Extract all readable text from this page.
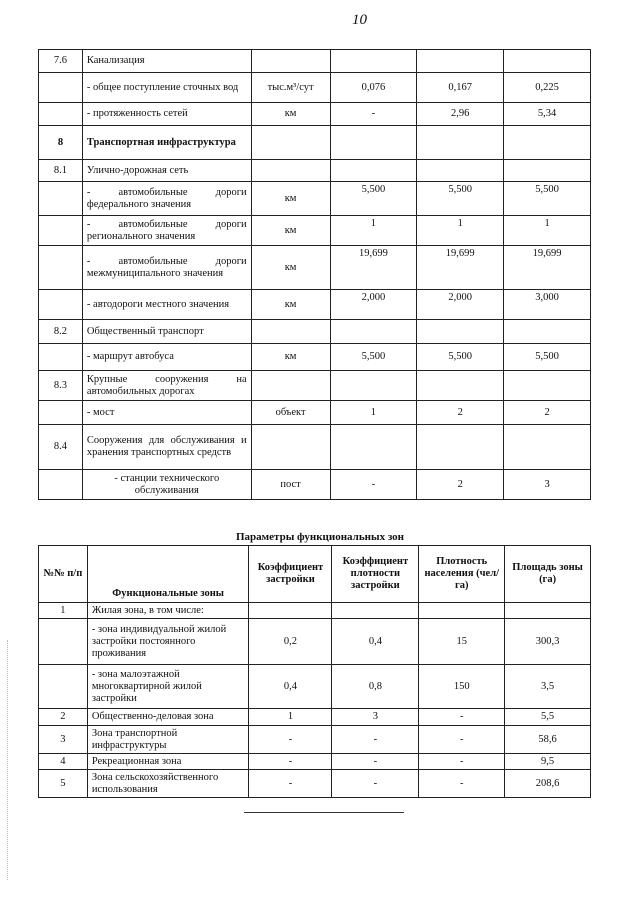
10
7.6	Канализация				
	- общее поступление сточных вод	тыс.м³/сут	0,076	0,167	0,225
	- протяженность сетей	км	-	2,96	5,34
8	Транспортная инфраструктура				
8.1	Улично-дорожная сеть				
	- автомобильные дороги федерального значения	км	5,500	5,500	5,500
	- автомобильные дороги регионального значения	км	1	1	1
	- автомобильные дороги межмуниципального значения	км	19,699	19,699	19,699
	- автодороги местного значения	км	2,000	2,000	3,000
8.2	Общественный транспорт				
	- маршрут автобуса	км	5,500	5,500	5,500
8.3	Крупные сооружения на автомобильных дорогах				
	- мост	объект	1	2	2
8.4	Сооружения для обслуживания и хранения транспортных средств				
	- станции технического обслуживания	пост	-	2	3
Параметры функциональных зон
№№ п/п	Функциональные зоны	Коэффициент застройки	Коэффициент плотности застройки	Плотность населения (чел/га)	Площадь зоны (га)
1	Жилая зона, в том числе:				
	- зона индивидуальной жилой застройки постоянного проживания	0,2	0,4	15	300,3
	- зона малоэтажной многоквартирной жилой застройки	0,4	0,8	150	3,5
2	Общественно-деловая зона	1	3	-	5,5
3	Зона транспортной инфраструктуры	-	-	-	58,6
4	Рекреационная зона	-	-	-	9,5
5	Зона сельскохозяйственного использования	-	-	-	208,6
